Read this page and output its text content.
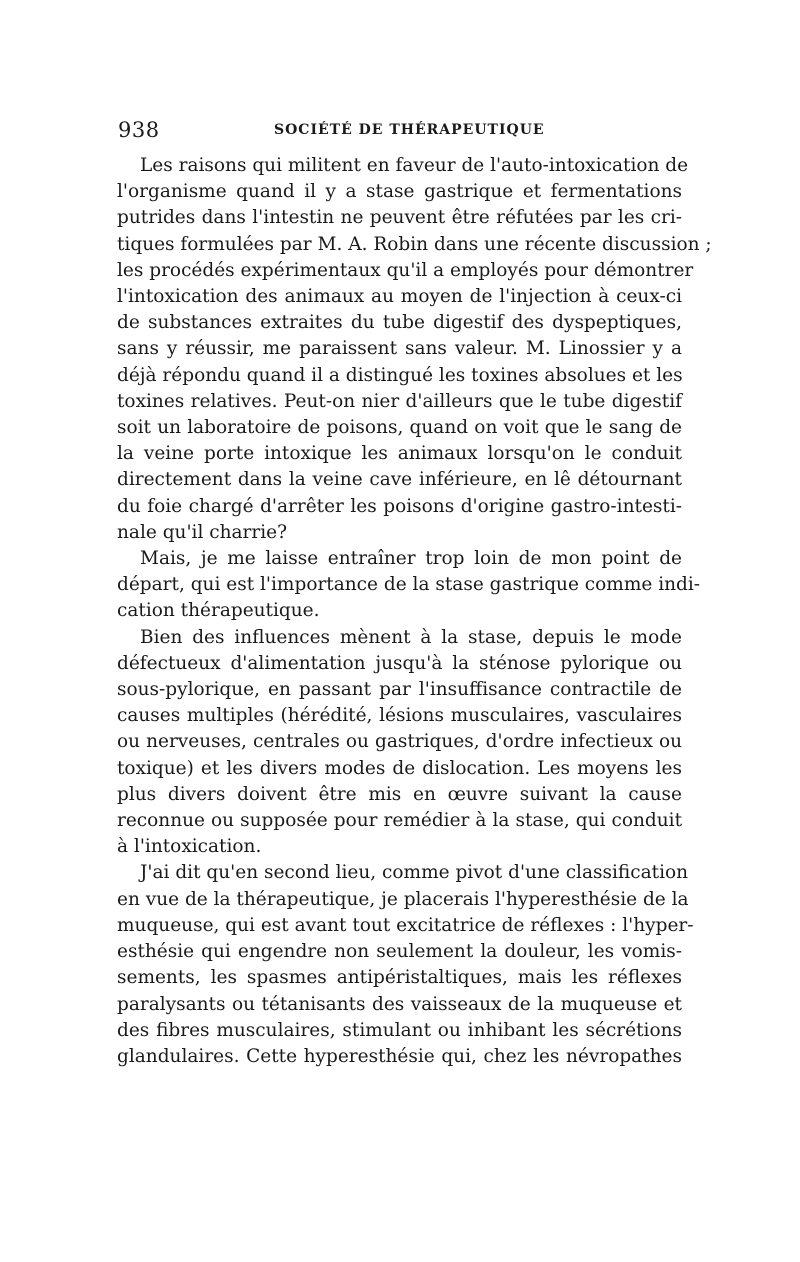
938	SOCIÉTÉ DE THÉRAPEUTIQUE

Les raisons qui militent en faveur de l'auto-intoxication de
l'organisme quand il y a stase gastrique et fermentations
putrides dans l'intestin ne peuvent être réfutées par les cri-
tiques formulées par M. A. Robin dans une récente discussion ;
les procédés expérimentaux qu'il a employés pour démontrer
l'intoxication des animaux au moyen de l'injection à ceux-ci
de substances extraites du tube digestif des dyspeptiques,
sans y réussir, me paraissent sans valeur. M. Linossier y a
déjà répondu quand il a distingué les toxines absolues et les
toxines relatives. Peut-on nier d'ailleurs que le tube digestif
soit un laboratoire de poisons, quand on voit que le sang de
la veine porte intoxique les animaux lorsqu'on le conduit
directement dans la veine cave inférieure, en lê détournant
du foie chargé d'arrêter les poisons d'origine gastro-intesti-
nale qu'il charrie?

Mais, je me laisse entraîner trop loin de mon point de
départ, qui est l'importance de la stase gastrique comme indi-
cation thérapeutique.

Bien des influences mènent à la stase, depuis le mode
défectueux d'alimentation jusqu'à la sténose pylorique ou
sous-pylorique, en passant par l'insuffisance contractile de
causes multiples (hérédité, lésions musculaires, vasculaires
ou nerveuses, centrales ou gastriques, d'ordre infectieux ou
toxique) et les divers modes de dislocation. Les moyens les
plus divers doivent être mis en œuvre suivant la cause
reconnue ou supposée pour remédier à la stase, qui conduit
à l'intoxication.

J'ai dit qu'en second lieu, comme pivot d'une classification
en vue de la thérapeutique, je placerais l'hyperesthésie de la
muqueuse, qui est avant tout excitatrice de réflexes : l'hyper-
esthésie qui engendre non seulement la douleur, les vomis-
sements, les spasmes antipéristaltiques, mais les réflexes
paralysants ou tétanisants des vaisseaux de la muqueuse et
des fibres musculaires, stimulant ou inhibant les sécrétions
glandulaires. Cette hyperesthésie qui, chez les névropathes
